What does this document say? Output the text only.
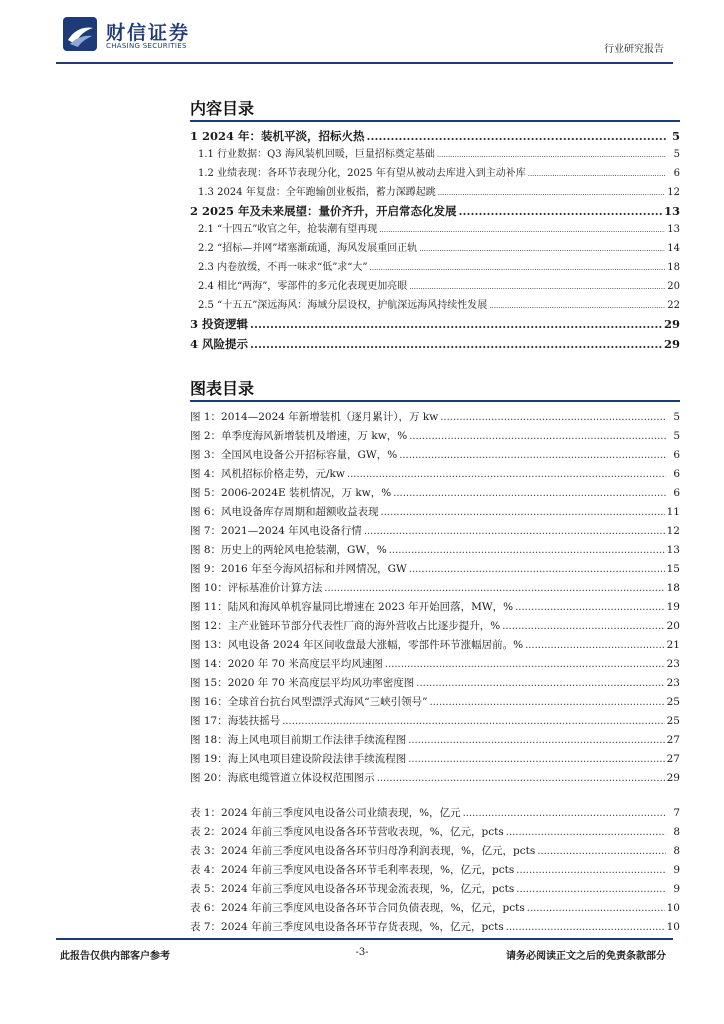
财信证券
CHASING SECURITIES	行业研究报告
内容目录
1 2024 年：装机平淡，招标火热 .....	5
1.1 行业数据：Q3 海风装机回暖，巨量招标奠定基础 .....	5
1.2 业绩表现：各环节表现分化，2025 年有望从被动去库进入到主动补库 .....	6
1.3 2024 年复盘：全年跑输创业板指，蓄力深蹲起跳 .....	12
2 2025 年及未来展望：量价齐升，开启常态化发展 .....	13
2.1 “十四五”收官之年，抢装潮有望再现 .....	13
2.2 “招标—并网”堵塞渐疏通，海风发展重回正轨 .....	14
2.3 内卷放缓，不再一味求“低”求“大” .....	18
2.4 相比“两海”，零部件的多元化表现更加亮眼 .....	20
2.5 “十五五”深远海风：海域分层设权，护航深远海风持续性发展 .....	22
3 投资逻辑 .....	29
4 风险提示 .....	29
图表目录
图 1：2014—2024 年新增装机（逐月累计），万 kw .....	5
图 2：单季度海风新增装机及增速，万 kw，% .....	5
图 3：全国风电设备公开招标容量，GW，% .....	6
图 4：风机招标价格走势，元/kw .....	6
图 5：2006-2024E 装机情况，万 kw，% .....	6
图 6：风电设备库存周期和超额收益表现 .....	11
图 7：2021—2024 年风电设备行情 .....	12
图 8：历史上的两轮风电抢装潮，GW，% .....	13
图 9：2016 年至今海风招标和并网情况，GW .....	15
图 10：评标基准价计算方法 .....	18
图 11：陆风和海风单机容量同比增速在 2023 年开始回落，MW，% .....	19
图 12：主产业链环节部分代表性厂商的海外营收占比逐步提升，% .....	20
图 13：风电设备 2024 年区间收盘最大涨幅，零部件环节涨幅居前。% .....	21
图 14：2020 年 70 米高度层平均风速图 .....	23
图 15：2020 年 70 米高度层平均风功率密度图 .....	23
图 16：全球首台抗台风型漂浮式海风“三峡引领号” .....	25
图 17：海装扶摇号 .....	25
图 18：海上风电项目前期工作法律手续流程图 .....	27
图 19：海上风电项目建设阶段法律手续流程图 .....	27
图 20：海底电缆管道立体设权范围图示 .....	29
表 1：2024 年前三季度风电设备公司业绩表现，%，亿元 .....	7
表 2：2024 年前三季度风电设备各环节营收表现，%，亿元，pcts .....	8
表 3：2024 年前三季度风电设备各环节归母净利润表现，%，亿元，pcts .....	8
表 4：2024 年前三季度风电设备各环节毛利率表现，%，亿元，pcts .....	9
表 5：2024 年前三季度风电设备各环节现金流表现，%，亿元，pcts .....	9
表 6：2024 年前三季度风电设备各环节合同负债表现，%，亿元，pcts .....	10
表 7：2024 年前三季度风电设备各环节存货表现，%，亿元，pcts .....	10
此报告仅供内部客户参考	-3-	请务必阅读正文之后的免责条款部分
